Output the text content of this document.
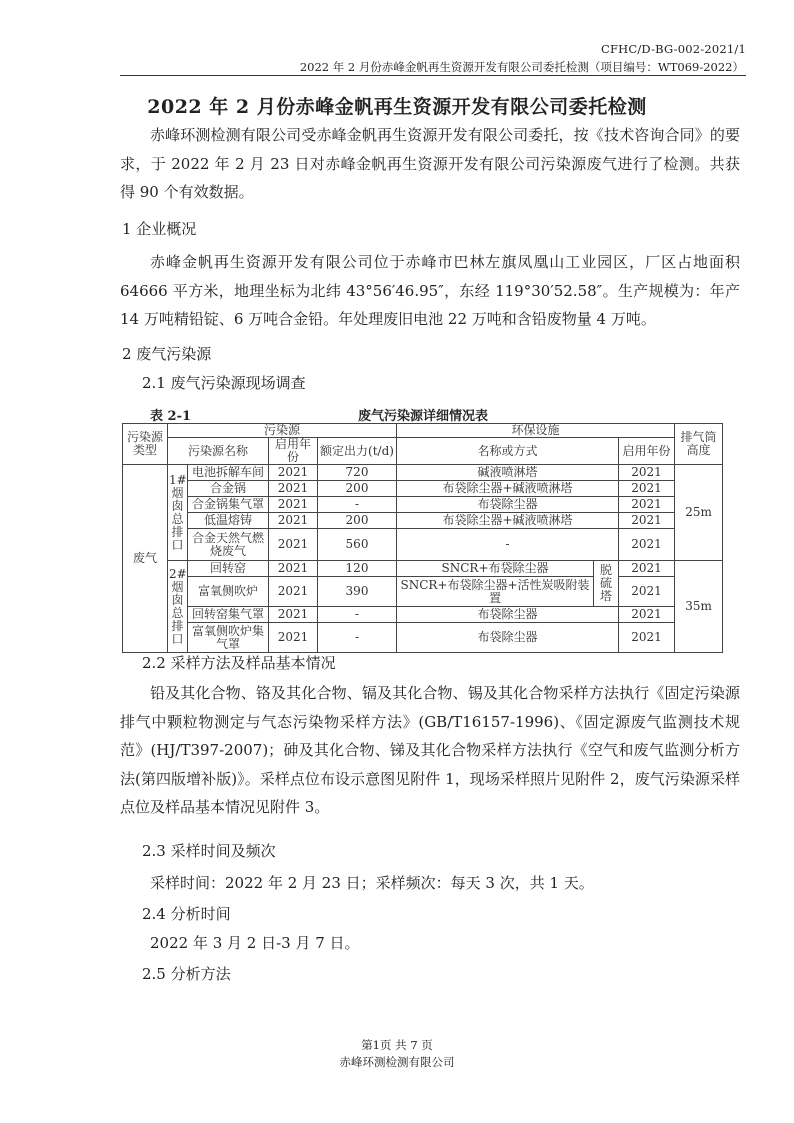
CFHC/D-BG-002-2021/1
2022 年 2 月份赤峰金帆再生资源开发有限公司委托检测（项目编号：WT069-2022）
2022 年 2 月份赤峰金帆再生资源开发有限公司委托检测

赤峰环测检测有限公司受赤峰金帆再生资源开发有限公司委托，按《技术咨询合同》的要求，于 2022 年 2 月 23 日对赤峰金帆再生资源开发有限公司污染源废气进行了检测。共获得 90 个有效数据。

1 企业概况

赤峰金帆再生资源开发有限公司位于赤峰市巴林左旗凤凰山工业园区，厂区占地面积 64666 平方米，地理坐标为北纬 43°56′46.95″，东经 119°30′52.58″。生产规模为：年产 14 万吨精铅锭、6 万吨合金铅。年处理废旧电池 22 万吨和含铅废物量 4 万吨。

2 废气污染源
2.1 废气污染源现场调查
表 2-1	废气污染源详细情况表
污染源类型	污染源				环保设施			排气筒高度
	污染源名称		启用年份	额定出力(t/d)	名称或方式		启用年份	
废气	1#烟囱总排口	电池拆解车间	2021	720	碱液喷淋塔		2021	25m
		合金锅	2021	200	布袋除尘器+碱液喷淋塔		2021	
		合金锅集气罩	2021	-	布袋除尘器		2021	
		低温熔铸	2021	200	布袋除尘器+碱液喷淋塔		2021	
		合金天然气燃烧废气	2021	560	-		2021	
	2#烟囱总排口	回转窑	2021	120	SNCR+布袋除尘器	脱硫塔	2021	35m
		富氧侧吹炉	2021	390	SNCR+布袋除尘器+活性炭吸附装置		2021	
		回转窑集气罩	2021	-	布袋除尘器		2021	
		富氧侧吹炉集气罩	2021	-	布袋除尘器		2021	
2.2 采样方法及样品基本情况

铅及其化合物、铬及其化合物、镉及其化合物、锡及其化合物采样方法执行《固定污染源排气中颗粒物测定与气态污染物采样方法》(GB/T16157-1996)、《固定源废气监测技术规范》(HJ/T397-2007)；砷及其化合物、锑及其化合物采样方法执行《空气和废气监测分析方法(第四版增补版)》。采样点位布设示意图见附件 1，现场采样照片见附件 2，废气污染源采样点位及样品基本情况见附件 3。

2.3 采样时间及频次

采样时间：2022 年 2 月 23 日；采样频次：每天 3 次，共 1 天。

2.4 分析时间

2022 年 3 月 2 日-3 月 7 日。

2.5 分析方法
第1页 共 7 页
赤峰环测检测有限公司
